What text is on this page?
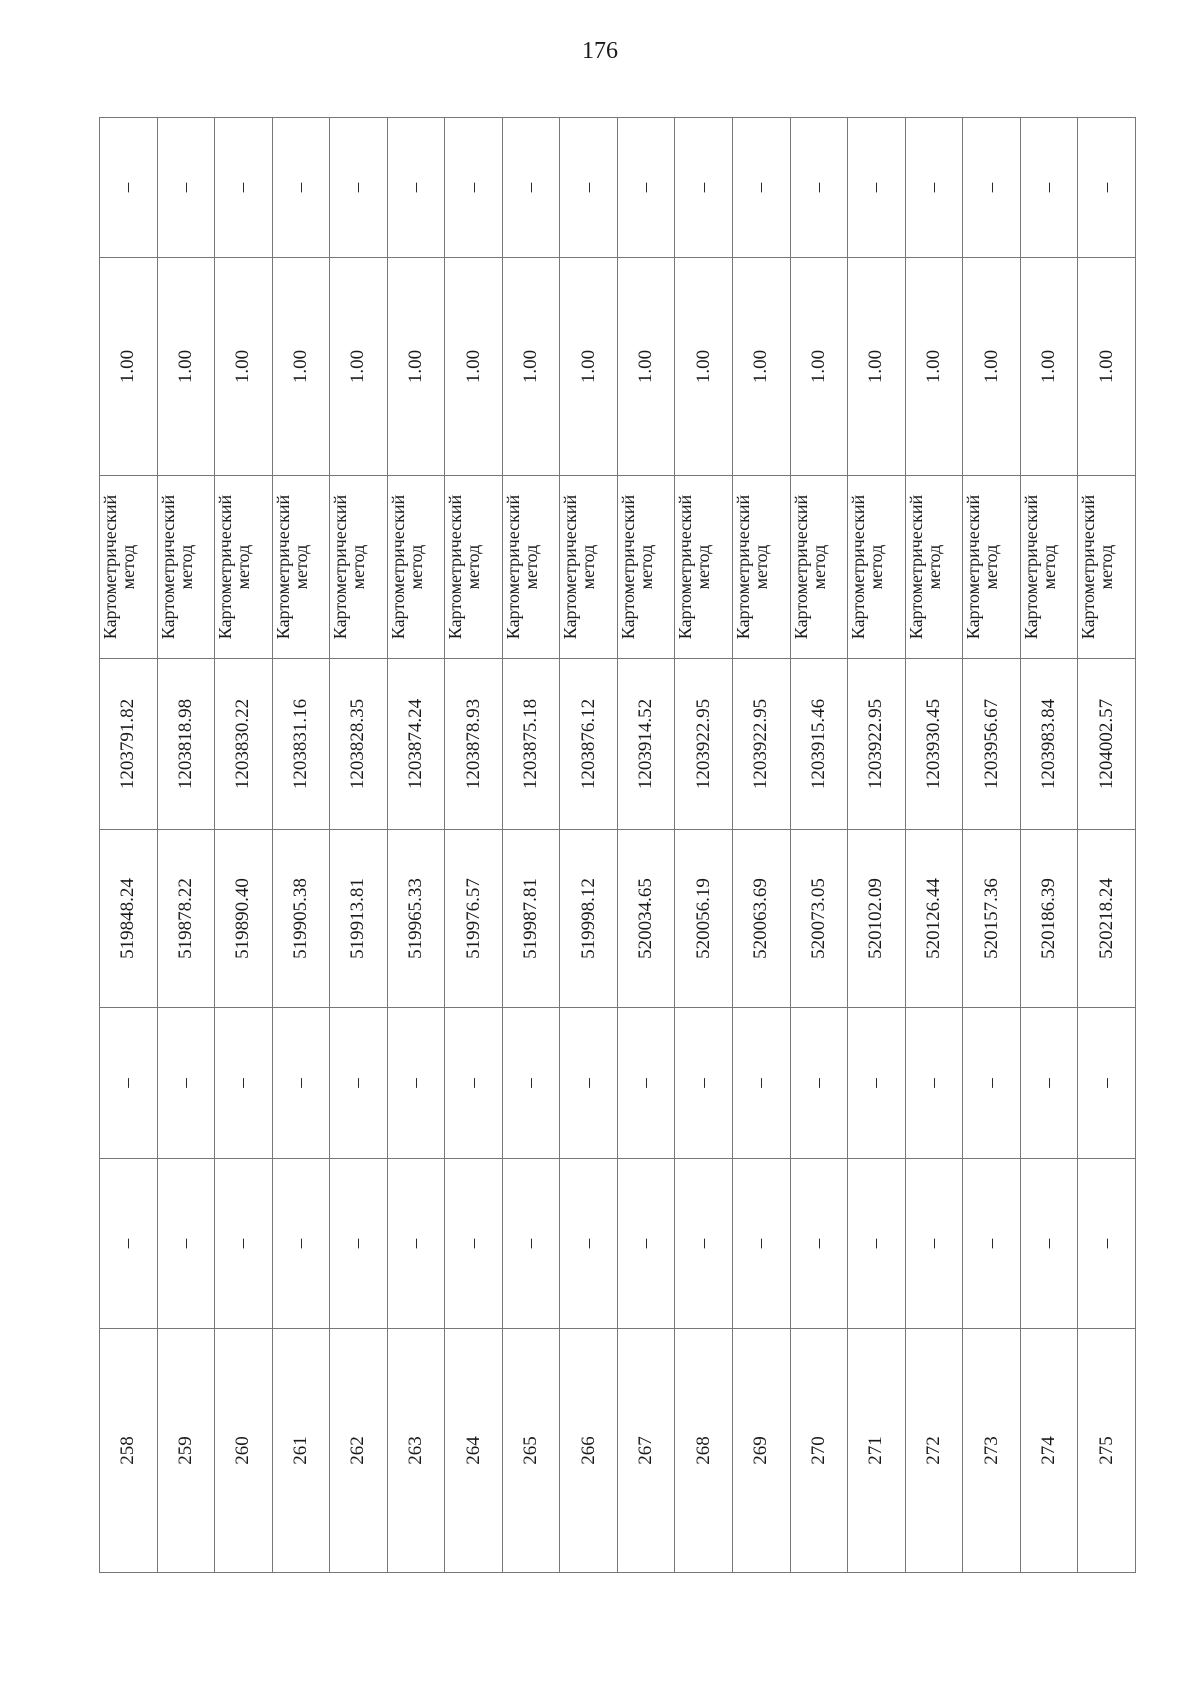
176
258	–	–	519848.24	1203791.82	Картометрический
метод	1.00	–
259	–	–	519878.22	1203818.98	Картометрический
метод	1.00	–
260	–	–	519890.40	1203830.22	Картометрический
метод	1.00	–
261	–	–	519905.38	1203831.16	Картометрический
метод	1.00	–
262	–	–	519913.81	1203828.35	Картометрический
метод	1.00	–
263	–	–	519965.33	1203874.24	Картометрический
метод	1.00	–
264	–	–	519976.57	1203878.93	Картометрический
метод	1.00	–
265	–	–	519987.81	1203875.18	Картометрический
метод	1.00	–
266	–	–	519998.12	1203876.12	Картометрический
метод	1.00	–
267	–	–	520034.65	1203914.52	Картометрический
метод	1.00	–
268	–	–	520056.19	1203922.95	Картометрический
метод	1.00	–
269	–	–	520063.69	1203922.95	Картометрический
метод	1.00	–
270	–	–	520073.05	1203915.46	Картометрический
метод	1.00	–
271	–	–	520102.09	1203922.95	Картометрический
метод	1.00	–
272	–	–	520126.44	1203930.45	Картометрический
метод	1.00	–
273	–	–	520157.36	1203956.67	Картометрический
метод	1.00	–
274	–	–	520186.39	1203983.84	Картометрический
метод	1.00	–
275	–	–	520218.24	1204002.57	Картометрический
метод	1.00	–
